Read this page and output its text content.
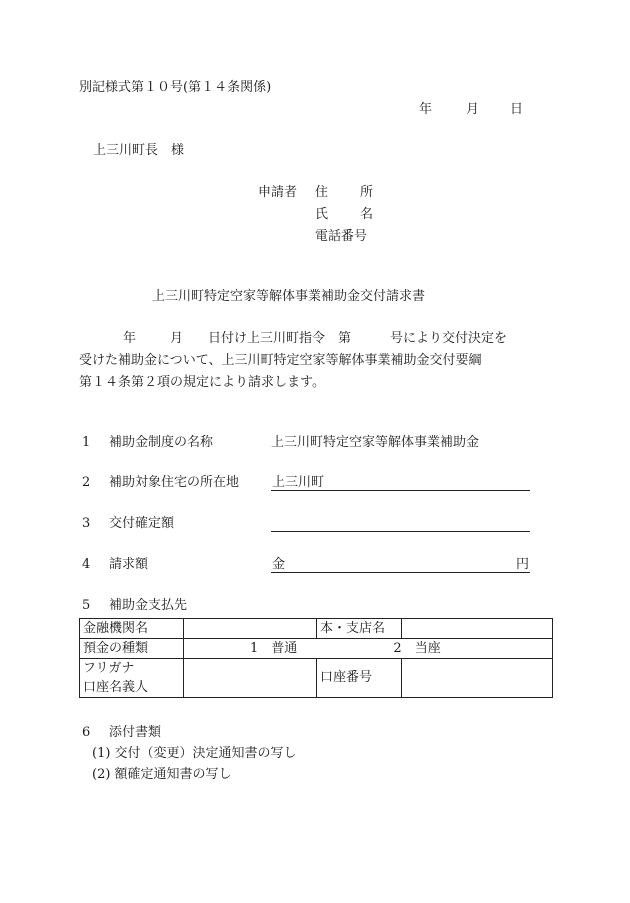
別記様式第１０号(第１４条関係)
年	月 日
上三川町長　様
申請者 住 所
氏 名
電話番号
上三川町特定空家等解体事業補助金交付請求書
年	月 日付け上三川町指令　第　　　号により交付決定を
受けた補助金について、上三川町特定空家等解体事業補助金交付要綱
第１４条第２項の規定により請求します。
1 補助金制度の名称	上三川町特定空家等解体事業補助金
2 補助対象住宅の所在地	上三川町
3 交付確定額
4 請求額	金	円
5 補助金支払先
金融機関名		本・支店名	
預金の種類	1　普通 2　当座		

フリガナ
口座名義人		口座番号	
6 添付書類
(1) 交付（変更）決定通知書の写し
(2) 額確定通知書の写し
